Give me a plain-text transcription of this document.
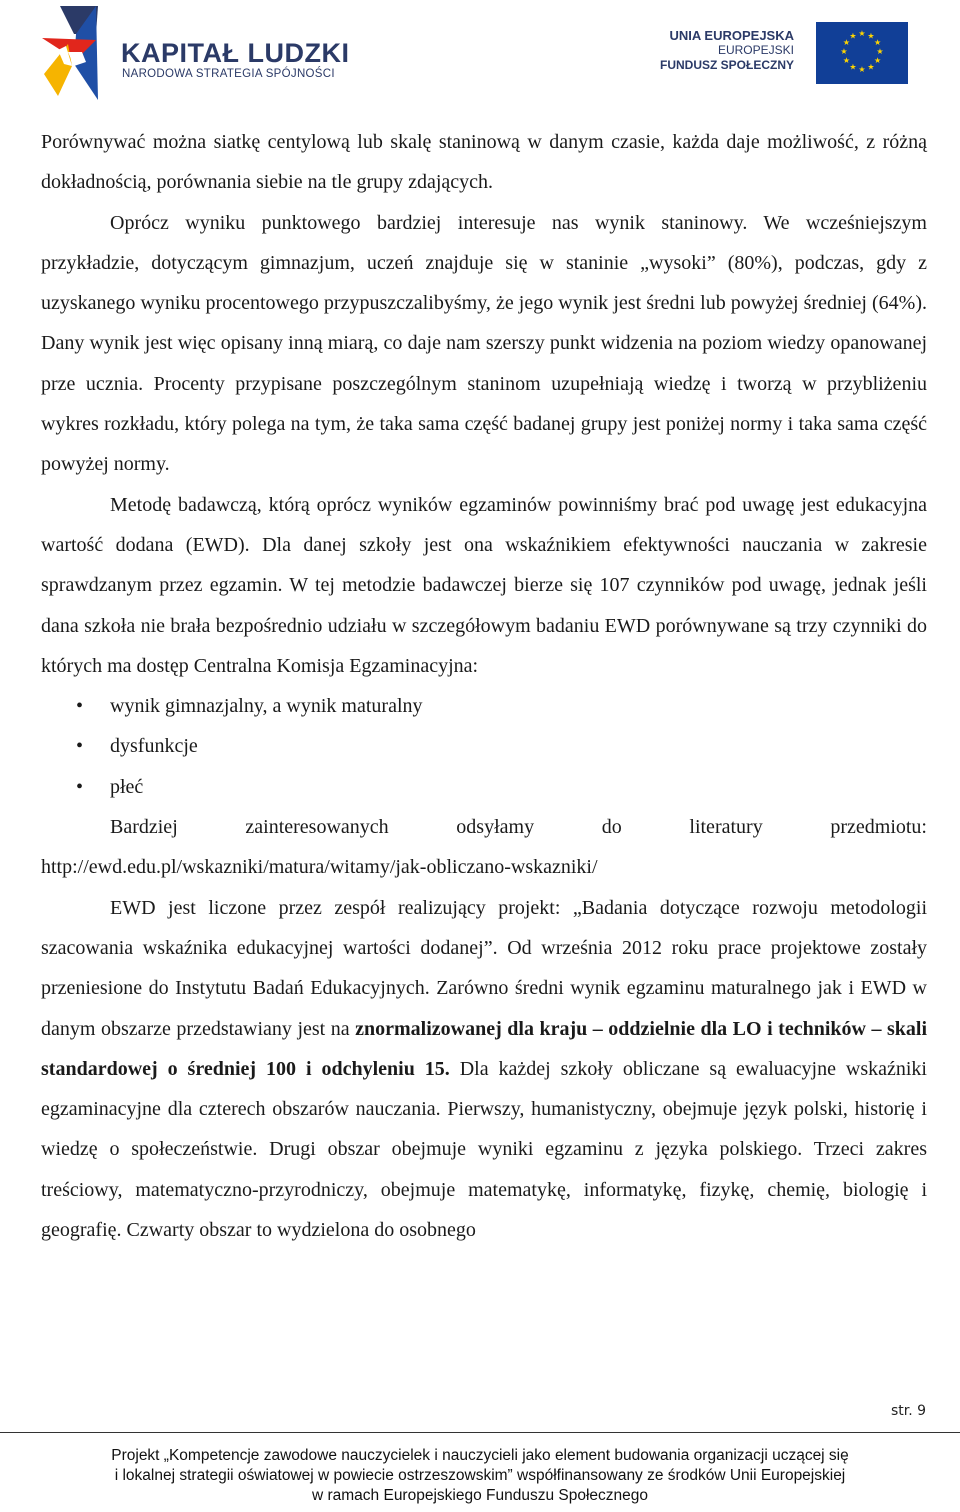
KAPITAŁ LUDZKI
NARODOWA STRATEGIA SPÓJNOŚCI
UNIA EUROPEJSKA
EUROPEJSKI
FUNDUSZ SPOŁECZNY
★ ★
★
★
★
★
★
★
★
★
★
★

Porównywać można siatkę centylową lub skalę staninową w danym czasie, każda daje możliwość, z różną dokładnością, porównania siebie na tle grupy zdających.

Oprócz wyniku punktowego bardziej interesuje nas wynik staninowy. We wcześniejszym przykładzie, dotyczącym gimnazjum, uczeń znajduje się w staninie „wysoki” (80%), podczas, gdy z uzyskanego wyniku procentowego przypuszczalibyśmy, że jego wynik jest średni lub powyżej średniej (64%). Dany wynik jest więc opisany inną miarą, co daje nam szerszy punkt widzenia na poziom wiedzy opanowanej prze ucznia. Procenty przypisane poszczególnym staninom uzupełniają wiedzę i tworzą w przybliżeniu wykres rozkładu, który polega na tym, że taka sama część badanej grupy jest poniżej normy i taka sama część powyżej normy.

Metodę badawczą, którą oprócz wyników egzaminów powinniśmy brać pod uwagę jest edukacyjna wartość dodana (EWD). Dla danej szkoły jest ona wskaźnikiem efektywności nauczania w zakresie sprawdzanym przez egzamin. W tej metodzie badawczej bierze się 107 czynników pod uwagę, jednak jeśli dana szkoła nie brała bezpośrednio udziału w szczegółowym badaniu EWD porównywane są trzy czynniki do których ma dostęp Centralna Komisja Egzaminacyjna:

• wynik gimnazjalny, a wynik maturalny
• dysfunkcje
• płeć

Bardziej zainteresowanych odsyłamy do literatury przedmiotu:

http://ewd.edu.pl/wskazniki/matura/witamy/jak-obliczano-wskazniki/

EWD jest liczone przez zespół realizujący projekt: „Badania dotyczące rozwoju metodologii szacowania wskaźnika edukacyjnej wartości dodanej”. Od września 2012 roku prace projektowe zostały przeniesione do Instytutu Badań Edukacyjnych. Zarówno średni wynik egzaminu maturalnego jak i EWD w danym obszarze przedstawiany jest na znormalizowanej dla kraju – oddzielnie dla LO i techników – skali standardowej o średniej 100 i odchyleniu 15. Dla każdej szkoły obliczane są ewaluacyjne wskaźniki egzaminacyjne dla czterech obszarów nauczania. Pierwszy, humanistyczny, obejmuje język polski, historię i wiedzę o społeczeństwie. Drugi obszar obejmuje wyniki egzaminu z języka polskiego. Trzeci zakres treściowy, matematyczno-przyrodniczy, obejmuje matematykę, informatykę, fizykę, chemię, biologię i geografię. Czwarty obszar to wydzielona do osobnego

str. 9
Projekt „Kompetencje zawodowe nauczycielek i nauczycieli jako element budowania organizacji uczącej się
i lokalnej strategii oświatowej w powiecie ostrzeszowskim” współfinansowany ze środków Unii Europejskiej
w ramach Europejskiego Funduszu Społecznego
